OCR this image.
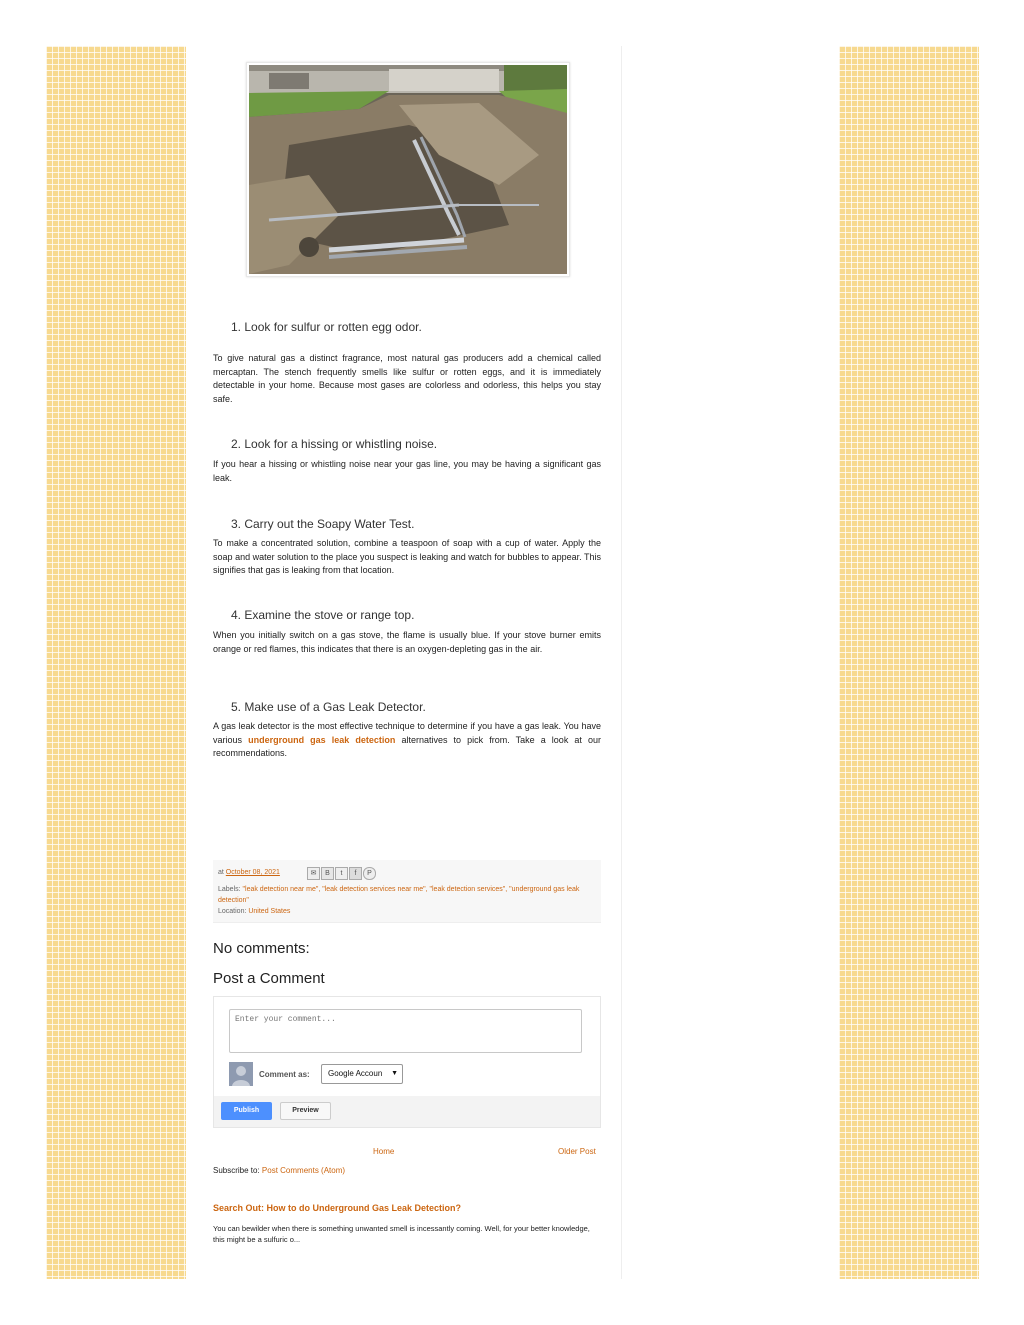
1. Look for sulfur or rotten egg odor.
To give natural gas a distinct fragrance, most natural gas producers add a chemical called mercaptan. The stench frequently smells like sulfur or rotten eggs, and it is immediately detectable in your home. Because most gases are colorless and odorless, this helps you stay safe.
2. Look for a hissing or whistling noise.
If you hear a hissing or whistling noise near your gas line, you may be having a significant gas leak.
3. Carry out the Soapy Water Test.
To make a concentrated solution, combine a teaspoon of soap with a cup of water. Apply the soap and water solution to the place you suspect is leaking and watch for bubbles to appear. This signifies that gas is leaking from that location.
4. Examine the stove or range top.
When you initially switch on a gas stove, the flame is usually blue. If your stove burner emits orange or red flames, this indicates that there is an oxygen-depleting gas in the air.
5. Make use of a Gas Leak Detector.
A gas leak detector is the most effective technique to determine if you have a gas leak. You have various underground gas leak detection alternatives to pick from. Take a look at our recommendations.
at October 08, 2021	✉	B	t	f	P
Labels: "leak detection near me", "leak detection services near me", "leak detection services", "underground gas leak detection"
Location: United States
No comments:
Post a Comment
Enter your comment...
Comment as:	Google Accoun ▼
Publish	Preview
Home	Older Post
Subscribe to: Post Comments (Atom)
Search Out: How to do Underground Gas Leak Detection?
You can bewilder when there is something unwanted smell is incessantly coming. Well, for your better knowledge, this might be a sulfuric o...
